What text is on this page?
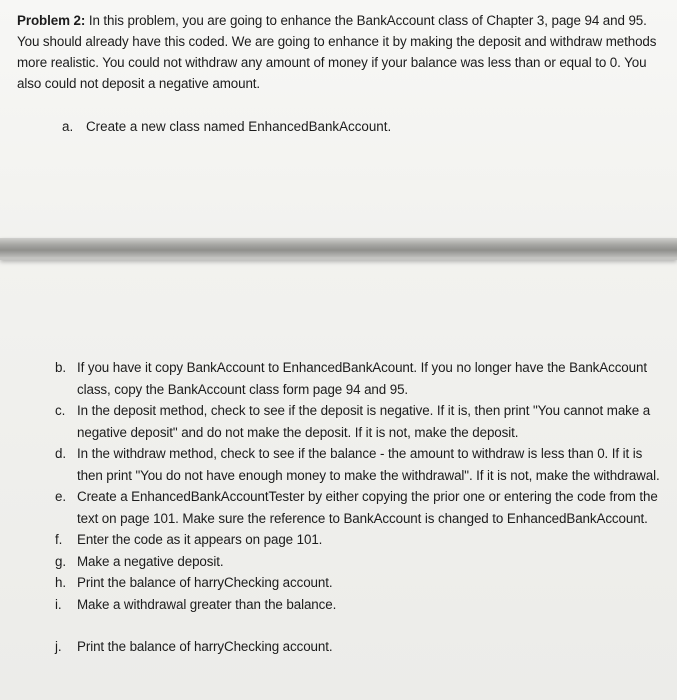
Problem 2: In this problem, you are going to enhance the BankAccount class of Chapter 3, page 94 and 95. You should already have this coded. We are going to enhance it by making the deposit and withdraw methods more realistic. You could not withdraw any amount of money if your balance was less than or equal to 0. You also could not deposit a negative amount.

a. Create a new class named EnhancedBankAccount.
b. If you have it copy BankAccount to EnhancedBankAcount. If you no longer have the BankAccount class, copy the BankAccount class form page 94 and 95.
c. In the deposit method, check to see if the deposit is negative. If it is, then print "You cannot make a negative deposit" and do not make the deposit. If it is not, make the deposit.
d. In the withdraw method, check to see if the balance - the amount to withdraw is less than 0. If it is then print "You do not have enough money to make the withdrawal". If it is not, make the withdrawal.
e. Create a EnhancedBankAccountTester by either copying the prior one or entering the code from the text on page 101. Make sure the reference to BankAccount is changed to EnhancedBankAccount.
f. Enter the code as it appears on page 101.
g. Make a negative deposit.
h. Print the balance of harryChecking account.
i. Make a withdrawal greater than the balance.
j. Print the balance of harryChecking account.
